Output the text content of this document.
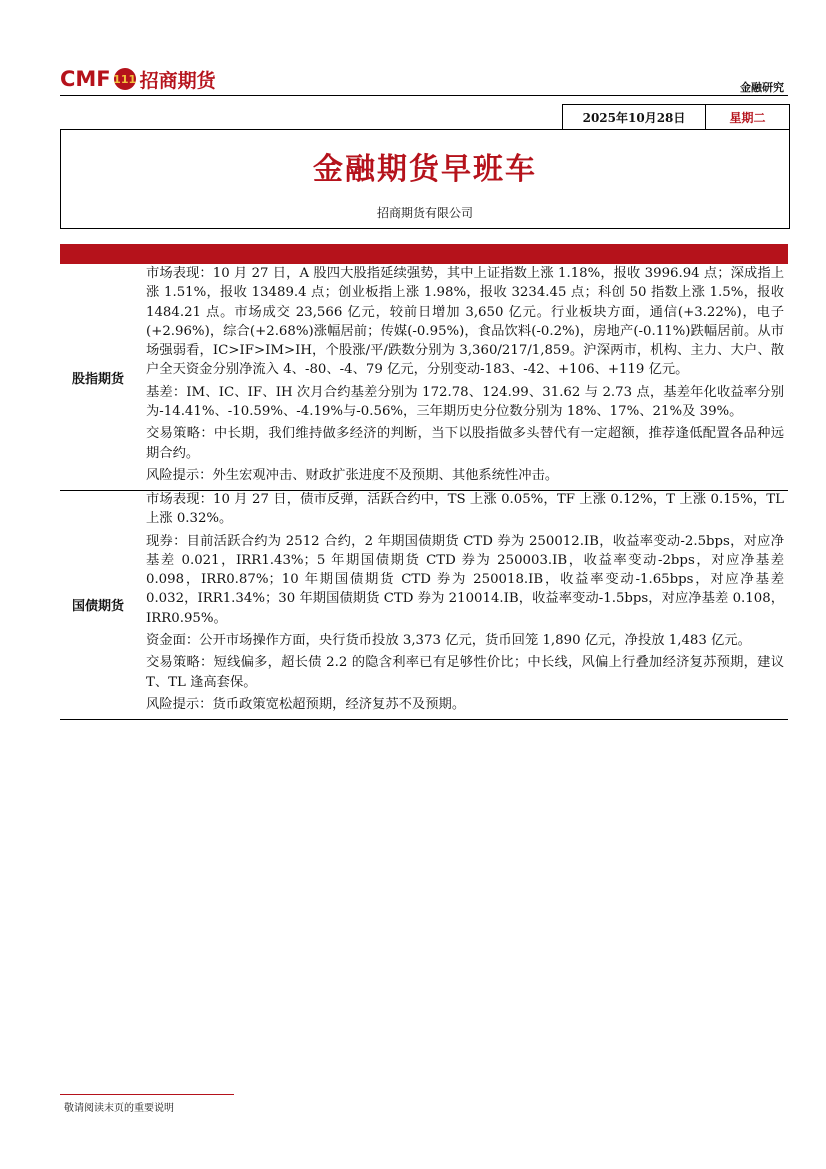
CMF 111 招商期货	金融研究
2025年10月28日	星期二
金融期货早班车
招商期货有限公司
股指期货

市场表现：10 月 27 日，A 股四大股指延续强势，其中上证指数上涨 1.18%，报收 3996.94 点；深成指上涨 1.51%，报收 13489.4 点；创业板指上涨 1.98%，报收 3234.45 点；科创 50 指数上涨 1.5%，报收 1484.21 点。市场成交 23,566 亿元，较前日增加 3,650 亿元。行业板块方面，通信(+3.22%)，电子(+2.96%)，综合(+2.68%)涨幅居前；传媒(-0.95%)，食品饮料(-0.2%)，房地产(-0.11%)跌幅居前。从市场强弱看，IC>IF>IM>IH，个股涨/平/跌数分别为 3,360/217/1,859。沪深两市，机构、主力、大户、散户全天资金分别净流入 4、-80、-4、79 亿元，分别变动-183、-42、+106、+119 亿元。

基差：IM、IC、IF、IH 次月合约基差分别为 172.78、124.99、31.62 与 2.73 点，基差年化收益率分别为-14.41%、-10.59%、-4.19%与-0.56%，三年期历史分位数分别为 18%、17%、21%及 39%。

交易策略：中长期，我们维持做多经济的判断，当下以股指做多头替代有一定超额，推荐逢低配置各品种远期合约。

风险提示：外生宏观冲击、财政扩张进度不及预期、其他系统性冲击。

国债期货

市场表现：10 月 27 日，债市反弹，活跃合约中，TS 上涨 0.05%，TF 上涨 0.12%，T 上涨 0.15%，TL 上涨 0.32%。

现券：目前活跃合约为 2512 合约，2 年期国债期货 CTD 券为 250012.IB，收益率变动-2.5bps，对应净基差 0.021，IRR1.43%；5 年期国债期货 CTD 券为 250003.IB，收益率变动-2bps，对应净基差 0.098，IRR0.87%；10 年期国债期货 CTD 券为 250018.IB，收益率变动-1.65bps，对应净基差 0.032，IRR1.34%；30 年期国债期货 CTD 券为 210014.IB，收益率变动-1.5bps，对应净基差 0.108，IRR0.95%。

资金面：公开市场操作方面，央行货币投放 3,373 亿元，货币回笼 1,890 亿元，净投放 1,483 亿元。

交易策略：短线偏多，超长债 2.2 的隐含利率已有足够性价比；中长线，风偏上行叠加经济复苏预期，建议 T、TL 逢高套保。

风险提示：货币政策宽松超预期，经济复苏不及预期。

敬请阅读末页的重要说明
